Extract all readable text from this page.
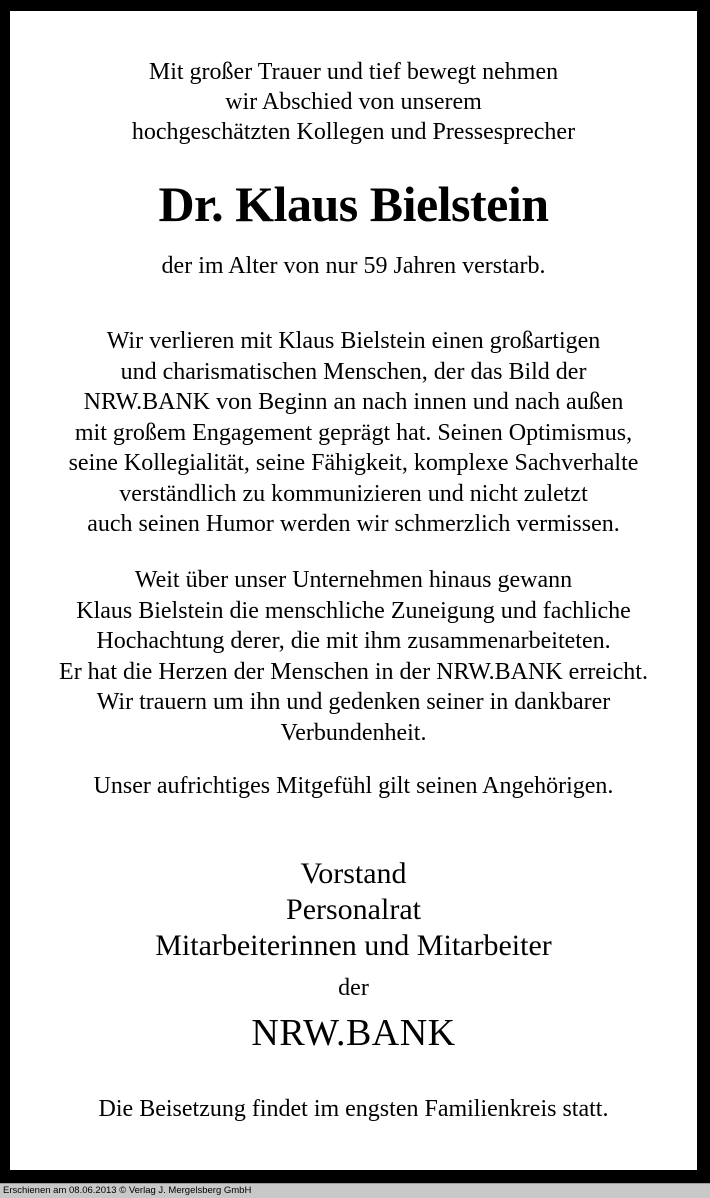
Mit großer Trauer und tief bewegt nehmen

wir Abschied von unserem

hochgeschätzten Kollegen und Pressesprecher

Dr. Klaus Bielstein

der im Alter von nur 59 Jahren verstarb.

Wir verlieren mit Klaus Bielstein einen großartigen

und charismatischen Menschen, der das Bild der

NRW.BANK von Beginn an nach innen und nach außen

mit großem Engagement geprägt hat. Seinen Optimismus,

seine Kollegialität, seine Fähigkeit, komplexe Sachverhalte

verständlich zu kommunizieren und nicht zuletzt

auch seinen Humor werden wir schmerzlich vermissen.

Weit über unser Unternehmen hinaus gewann

Klaus Bielstein die menschliche Zuneigung und fachliche

Hochachtung derer, die mit ihm zusammenarbeiteten.

Er hat die Herzen der Menschen in der NRW.BANK erreicht.

Wir trauern um ihn und gedenken seiner in dankbarer

Verbundenheit.

Unser aufrichtiges Mitgefühl gilt seinen Angehörigen.

Vorstand

Personalrat

Mitarbeiterinnen und Mitarbeiter

der

NRW.BANK

Die Beisetzung findet im engsten Familienkreis statt.

Erschienen am 08.06.2013 © Verlag J. Mergelsberg GmbH
